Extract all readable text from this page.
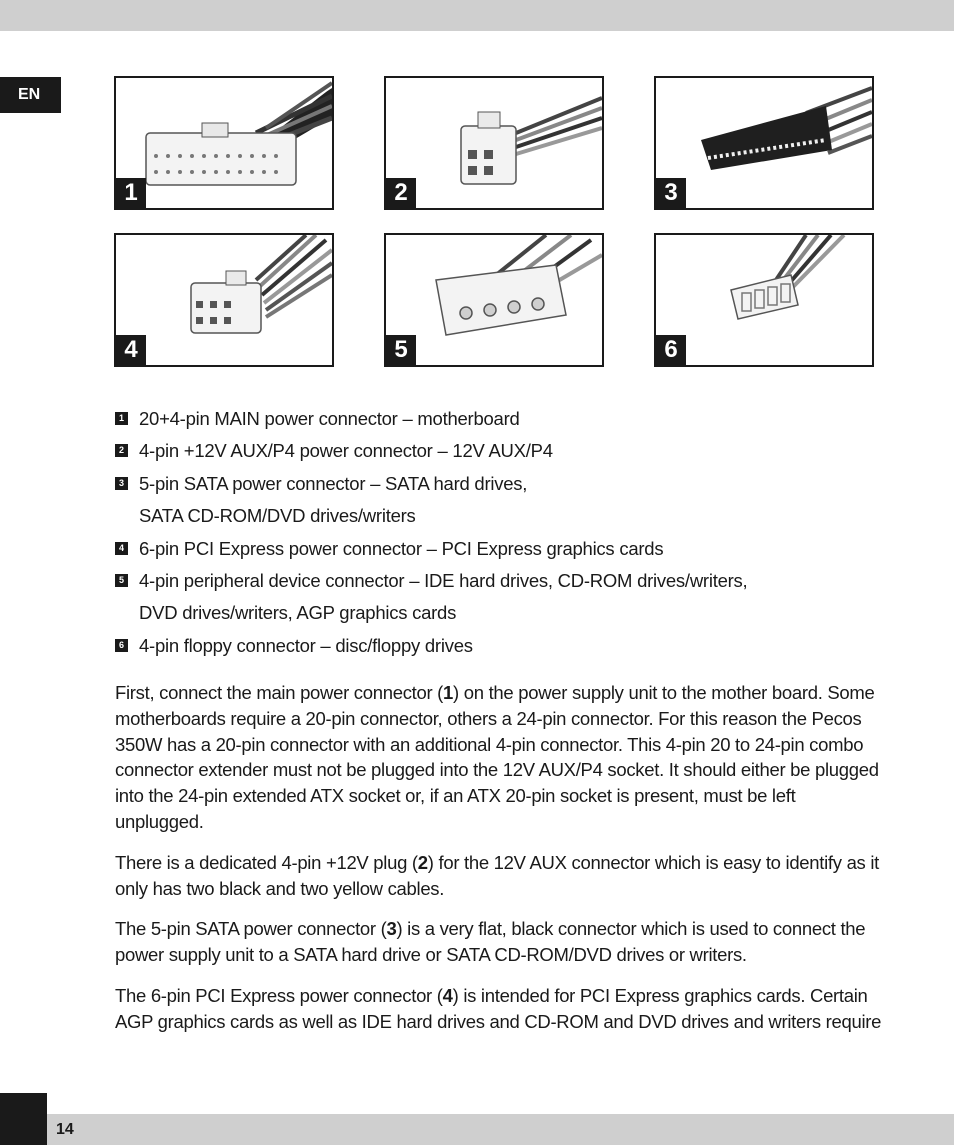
EN
1	2	3
4	5	6
1 20+4-pin MAIN power connector – motherboard
2 4-pin +12V AUX/P4 power connector – 12V AUX/P4
3 5-pin SATA power connector – SATA hard drives,
SATA CD-ROM/DVD drives/writers
4 6-pin PCI Express power connector – PCI Express graphics cards
5 4-pin peripheral device connector – IDE hard drives, CD-ROM drives/writers,
DVD drives/writers, AGP graphics cards
6 4-pin floppy connector – disc/floppy drives

First, connect the main power connector (1) on the power supply unit to the mother board. Some motherboards require a 20-pin connector, others a 24-pin connector. For this reason the Pecos 350W has a 20-pin connector with an additional 4-pin connector. This 4-pin 20 to 24-pin combo connector extender must not be plugged into the 12V AUX/P4 socket. It should either be plugged into the 24-pin extended ATX socket or, if an ATX 20-pin socket is present, must be left unplugged.

There is a dedicated 4-pin +12V plug (2) for the 12V AUX connector which is easy to identify as it only has two black and two yellow cables.

The 5-pin SATA power connector (3) is a very flat, black connector which is used to connect the power supply unit to a SATA hard drive or SATA CD-ROM/DVD drives or writers.

The 6-pin PCI Express power connector (4) is intended for PCI Express graphics cards. Certain AGP graphics cards as well as IDE hard drives and CD-ROM and DVD drives and writers require

14
